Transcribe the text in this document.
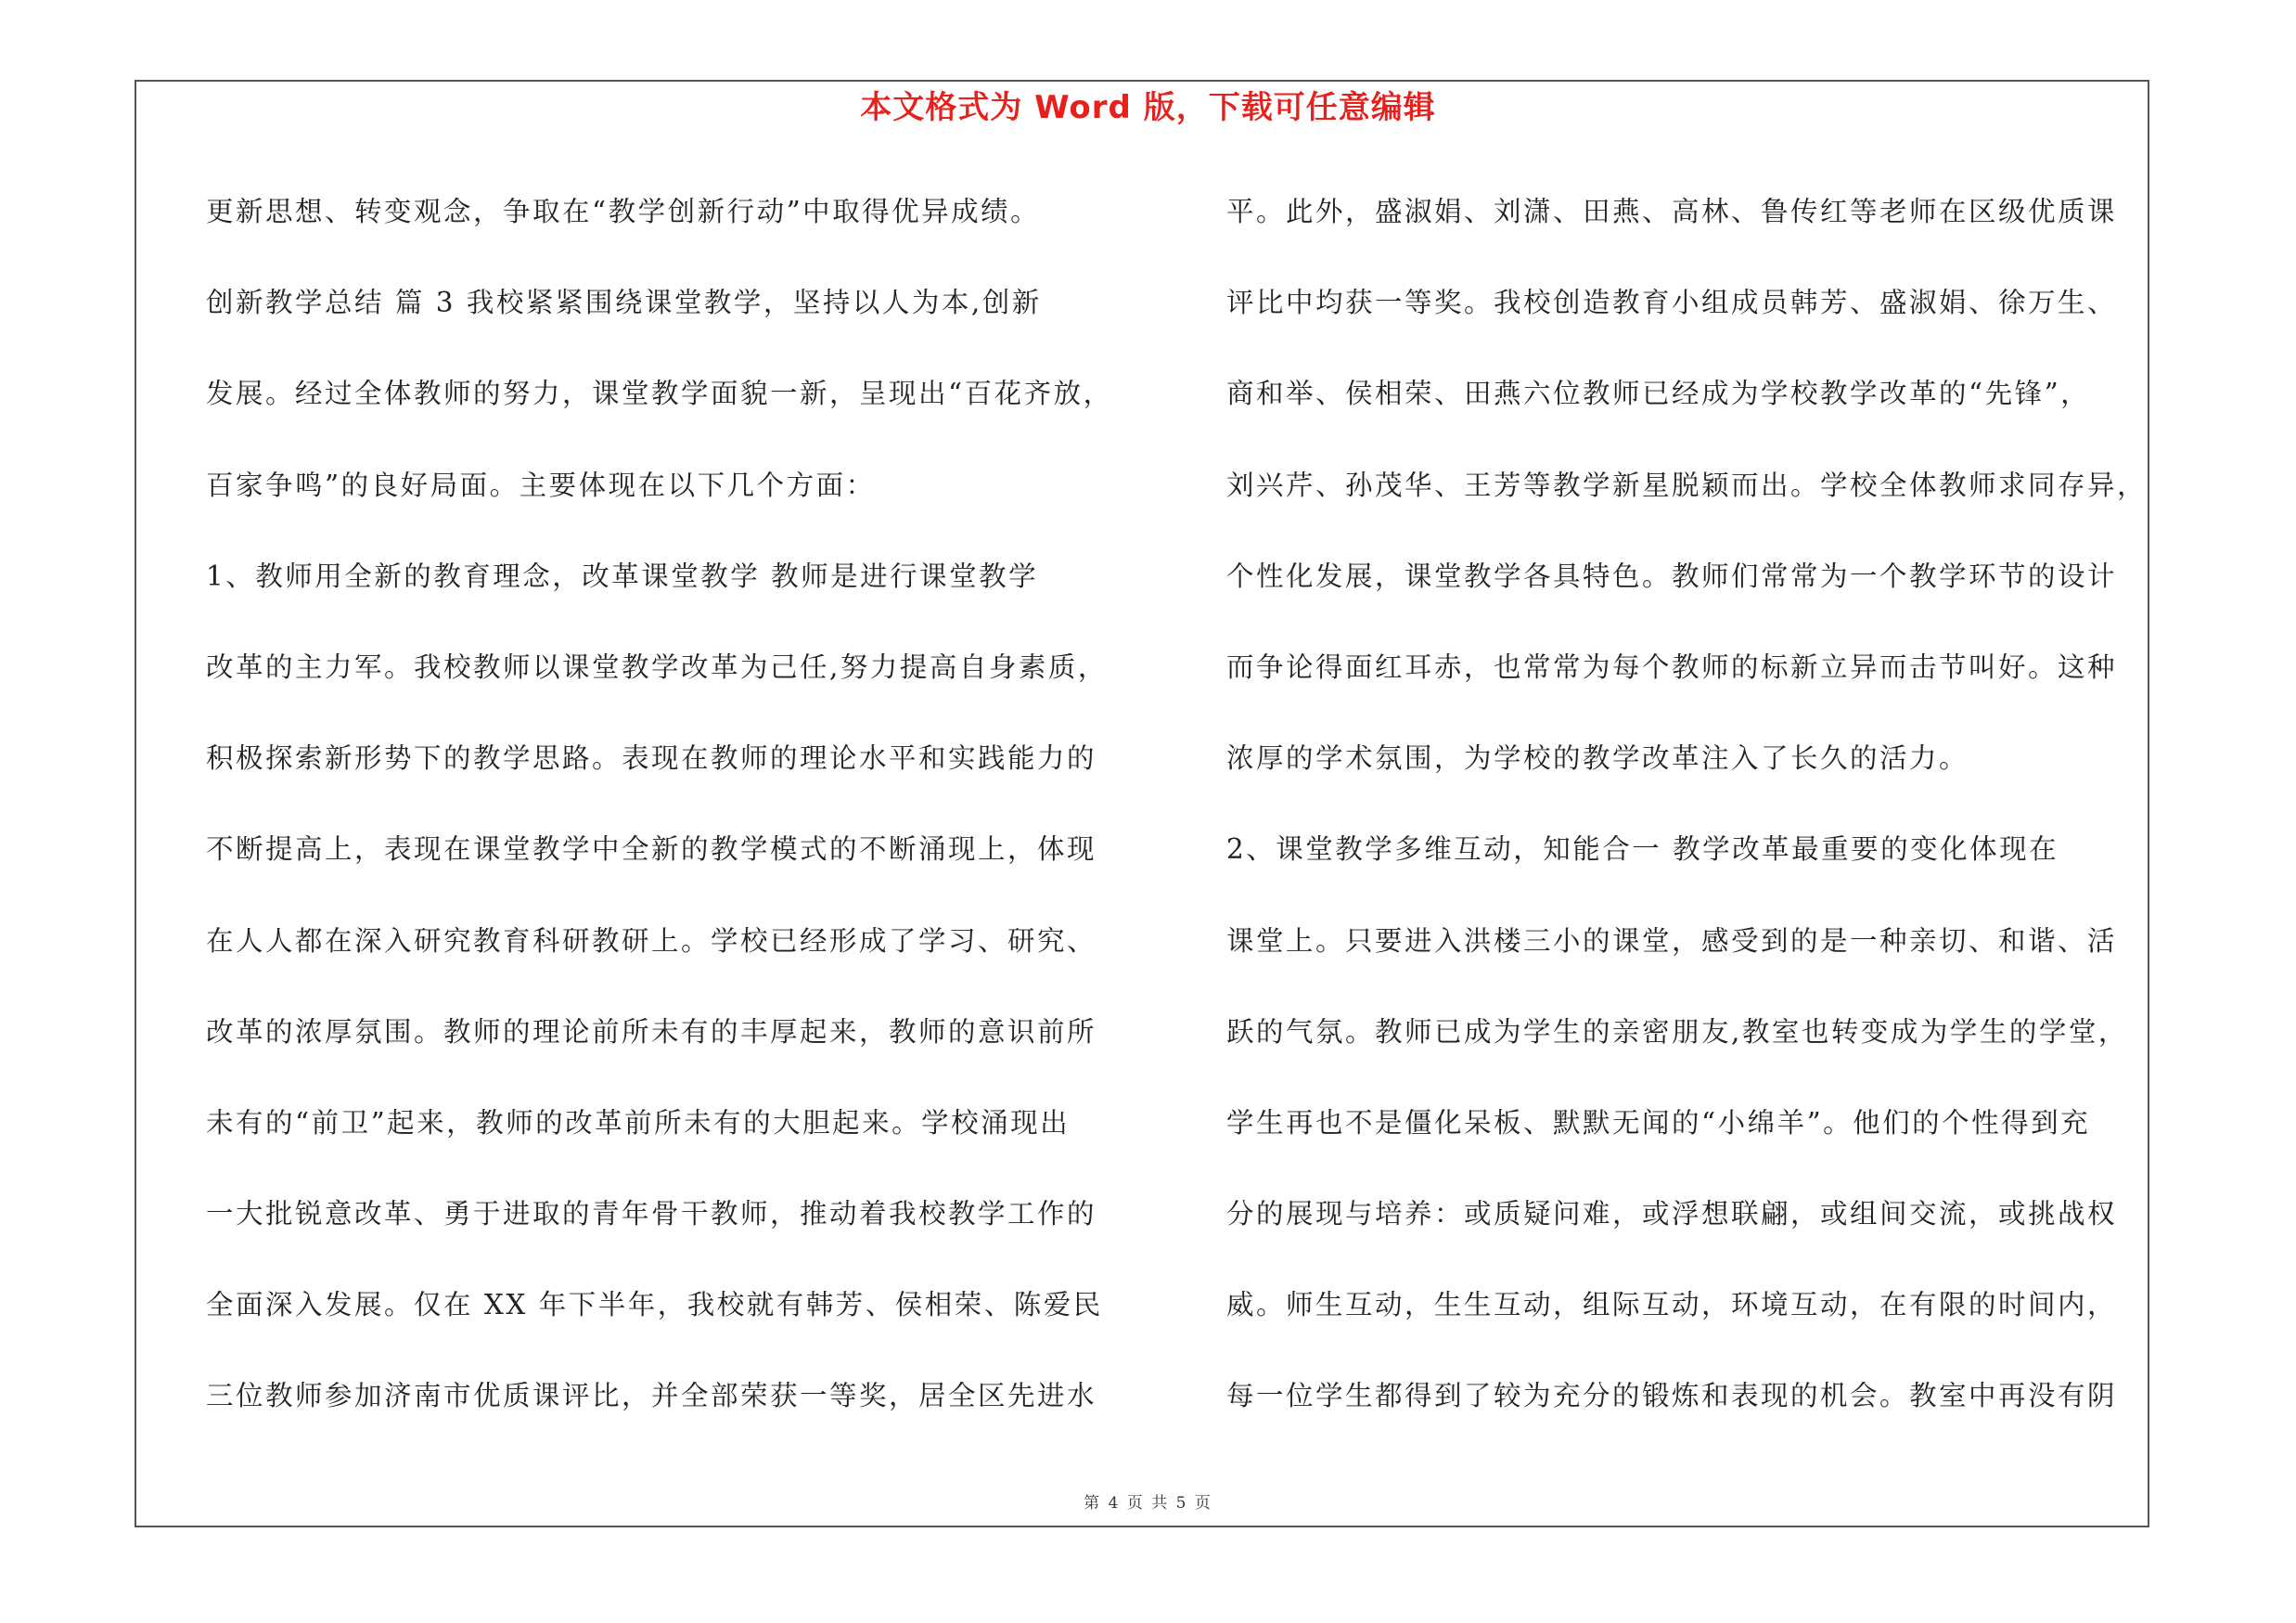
本文格式为 Word 版，下载可任意编辑
更新思想、转变观念，争取在“教学创新行动”中取得优异成绩。
创新教学总结 篇 3 我校紧紧围绕课堂教学，坚持以人为本,创新
发展。经过全体教师的努力，课堂教学面貌一新，呈现出“百花齐放，
百家争鸣”的良好局面。主要体现在以下几个方面：
1、教师用全新的教育理念，改革课堂教学 教师是进行课堂教学
改革的主力军。我校教师以课堂教学改革为己任,努力提高自身素质，
积极探索新形势下的教学思路。表现在教师的理论水平和实践能力的
不断提高上，表现在课堂教学中全新的教学模式的不断涌现上，体现
在人人都在深入研究教育科研教研上。学校已经形成了学习、研究、
改革的浓厚氛围。教师的理论前所未有的丰厚起来，教师的意识前所
未有的“前卫”起来，教师的改革前所未有的大胆起来。学校涌现出
一大批锐意改革、勇于进取的青年骨干教师，推动着我校教学工作的
全面深入发展。仅在 XX 年下半年，我校就有韩芳、侯相荣、陈爱民
三位教师参加济南市优质课评比，并全部荣获一等奖，居全区先进水
平。此外，盛淑娟、刘潇、田燕、高林、鲁传红等老师在区级优质课
评比中均获一等奖。我校创造教育小组成员韩芳、盛淑娟、徐万生、
商和举、侯相荣、田燕六位教师已经成为学校教学改革的“先锋”，
刘兴芹、孙茂华、王芳等教学新星脱颖而出。学校全体教师求同存异，
个性化发展，课堂教学各具特色。教师们常常为一个教学环节的设计
而争论得面红耳赤，也常常为每个教师的标新立异而击节叫好。这种
浓厚的学术氛围，为学校的教学改革注入了长久的活力。
2、课堂教学多维互动，知能合一 教学改革最重要的变化体现在
课堂上。只要进入洪楼三小的课堂，感受到的是一种亲切、和谐、活
跃的气氛。教师已成为学生的亲密朋友,教室也转变成为学生的学堂，
学生再也不是僵化呆板、默默无闻的“小绵羊”。他们的个性得到充
分的展现与培养：或质疑问难，或浮想联翩，或组间交流，或挑战权
威。师生互动，生生互动，组际互动，环境互动，在有限的时间内，
每一位学生都得到了较为充分的锻炼和表现的机会。教室中再没有阴
第 4 页 共 5 页
